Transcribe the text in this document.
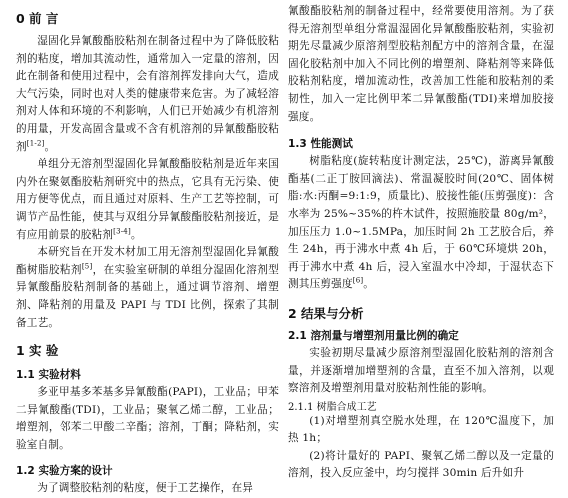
0 前 言

湿固化异氰酸酯胶粘剂在制备过程中为了降低胶粘剂的粘度，增加其流动性，通常加入一定量的溶剂，因此在制备和使用过程中，会有溶剂挥发排向大气，造成大气污染，同时也对人类的健康带来危害。为了减轻溶剂对人体和环境的不利影响，人们已开始减少有机溶剂的用量，开发高固含量或不含有机溶剂的异氰酸酯胶粘剂[1-2]。

单组分无溶剂型湿固化异氰酸酯胶粘剂是近年来国内外在聚氨酯胶粘剂研究中的热点，它具有无污染、使用方便等优点，而且通过对原料、生产工艺等控制，可调节产品性能，使其与双组分异氰酸酯胶粘剂接近，是有应用前景的胶粘剂[3-4]。

本研究旨在开发木材加工用无溶剂型湿固化异氰酸酯树脂胶粘剂[5]，在实验室研制的单组分湿固化溶剂型异氰酸酯胶粘剂制备的基础上，通过调节溶剂、增塑剂、降粘剂的用量及 PAPI 与 TDI 比例，探索了其制备工艺。

1 实 验
1.1 实验材料

多亚甲基多苯基多异氰酸酯(PAPI)，工业品；甲苯二异氰酸酯(TDI)，工业品；聚氧乙烯二醇，工业品；增塑剂，邻苯二甲酸二辛酯；溶剂，丁酮；降粘剂，实验室自制。

1.2 实验方案的设计

为了调整胶粘剂的粘度，便于工艺操作，在异

氰酸酯胶粘剂的制备过程中，经常要使用溶剂。为了获得无溶剂型单组分常温湿固化异氰酸酯胶粘剂，实验初期先尽量减少原溶剂型胶粘剂配方中的溶剂含量，在湿固化胶粘剂中加入不同比例的增塑剂、降粘剂等来降低胶粘剂粘度，增加流动性，改善加工性能和胶粘剂的柔韧性，加入一定比例甲苯二异氰酸酯(TDI)来增加胶接强度。

1.3 性能测试

树脂粘度(旋转粘度计测定法，25℃)，游离异氰酸酯基(二正丁胺回滴法)、常温凝胶时间(20℃、固体树脂:水:丙酮=9:1:9，质量比)、胶接性能(压剪强度)：含水率为 25%~35%的杵木试件，按照施胶量 80g/m²，加压压力 1.0~1.5MPa，加压时间 2h 工艺胶合后，养生 24h，再于沸水中煮 4h 后，于 60℃环境烘 20h，再于沸水中煮 4h 后，浸入室温水中冷却，于湿状态下测其压剪强度[6]。

2 结果与分析
2.1 溶剂量与增塑剂用量比例的确定

实验初期尽量减少原溶剂型湿固化胶粘剂的溶剂含量，并逐渐增加增塑剂的含量，直至不加入溶剂，以观察溶剂及增塑剂用量对胶粘剂性能的影响。

2.1.1 树脂合成工艺

(1)对增塑剂真空脱水处理，在 120℃温度下，加热 1h；

(2)将计量好的 PAPI、聚氧乙烯二醇以及一定量的溶剂，投入反应釜中，均匀搅拌 30min 后升如升
